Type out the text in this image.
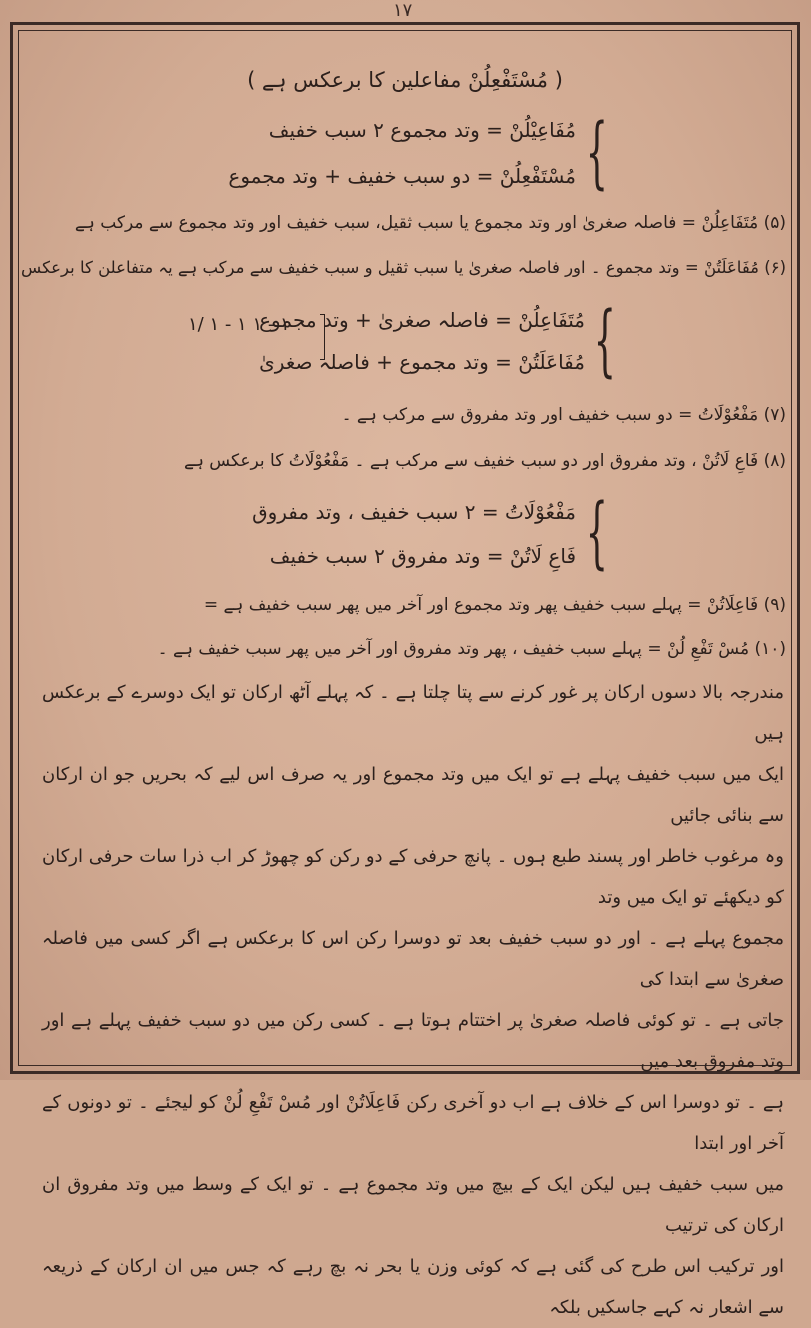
١٧
( مُسْتَفْعِلُنْ مفاعلین کا برعکس ہے )
مُفَاعِیْلُنْ = وتد مجموع ۲ سبب خفیف
مُسْتَفْعِلُنْ = دو سبب خفیف + وتد مجموع {
(۵) مُتَفَاعِلُنْ = فاصلہ صغریٰ اور وتد مجموع یا سبب ثقیل، سبب خفیف اور وتد مجموع سے مرکب ہے
(۶) مُفَاعَلَتُنْ = وتد مجموع ۔ اور فاصلہ صغریٰ یا سبب ثقیل و سبب خفیف سے مرکب ہے یہ متفاعلن کا برعکس
۱/ ۱ - ۱ ۱ - ۱
مُتَفَاعِلُنْ = فاصلہ صغریٰ + وتد مجموع
مُفَاعَلَتُنْ = وتد مجموع + فاصلہ صغریٰ {
(۷) مَفْعُوْلَاتُ = دو سبب خفیف اور وتد مفروق سے مرکب ہے ۔
(۸) فَاعِ لَاتُنْ ، وتد مفروق اور دو سبب خفیف سے مرکب ہے ۔ مَفْعُوْلَاتُ کا برعکس ہے
مَفْعُوْلَاتُ = ۲ سبب خفیف ، وتد مفروق
فَاعِ لَاتُنْ = وتد مفروق ۲ سبب خفیف {
(۹) فَاعِلَاتُنْ = پہلے سبب خفیف پھر وتد مجموع اور آخر میں پھر سبب خفیف ہے =
(۱۰) مُسْ تَفْعِ لُنْ = پہلے سبب خفیف ، پھر وتد مفروق اور آخر میں پھر سبب خفیف ہے ۔
مندرجہ بالا دسوں ارکان پر غور کرنے سے پتا چلتا ہے ۔ کہ پہلے آٹھ ارکان تو ایک دوسرے کے برعکس ہیں
ایک میں سبب خفیف پہلے ہے تو ایک میں وتد مجموع اور یہ صرف اس لیے کہ بحریں جو ان ارکان سے بنائی جائیں
وہ مرغوب خاطر اور پسند طبع ہوں ۔ پانچ حرفی کے دو رکن کو چھوڑ کر اب ذرا سات حرفی ارکان کو دیکھئے تو ایک میں وتد
مجموع پہلے ہے ۔ اور دو سبب خفیف بعد تو دوسرا رکن اس کا برعکس ہے اگر کسی میں فاصلہ صغریٰ سے ابتدا کی
جاتی ہے ۔ تو کوئی فاصلہ صغریٰ پر اختتام ہوتا ہے ۔ کسی رکن میں دو سبب خفیف پہلے ہے اور وتد مفروق بعد میں
ہے ۔ تو دوسرا اس کے خلاف ہے اب دو آخری رکن فَاعِلَاتُنْ اور مُسْ تَفْعِ لُنْ کو لیجئے ۔ تو دونوں کے آخر اور ابتدا
میں سبب خفیف ہیں لیکن ایک کے بیچ میں وتد مجموع ہے ۔ تو ایک کے وسط میں وتد مفروق ان ارکان کی ترتیب
اور ترکیب اس طرح کی گئی ہے کہ کوئی وزن یا بحر نہ بچ رہے کہ جس میں ان ارکان کے ذریعہ سے اشعار نہ کہے جاسکیں بلکہ
